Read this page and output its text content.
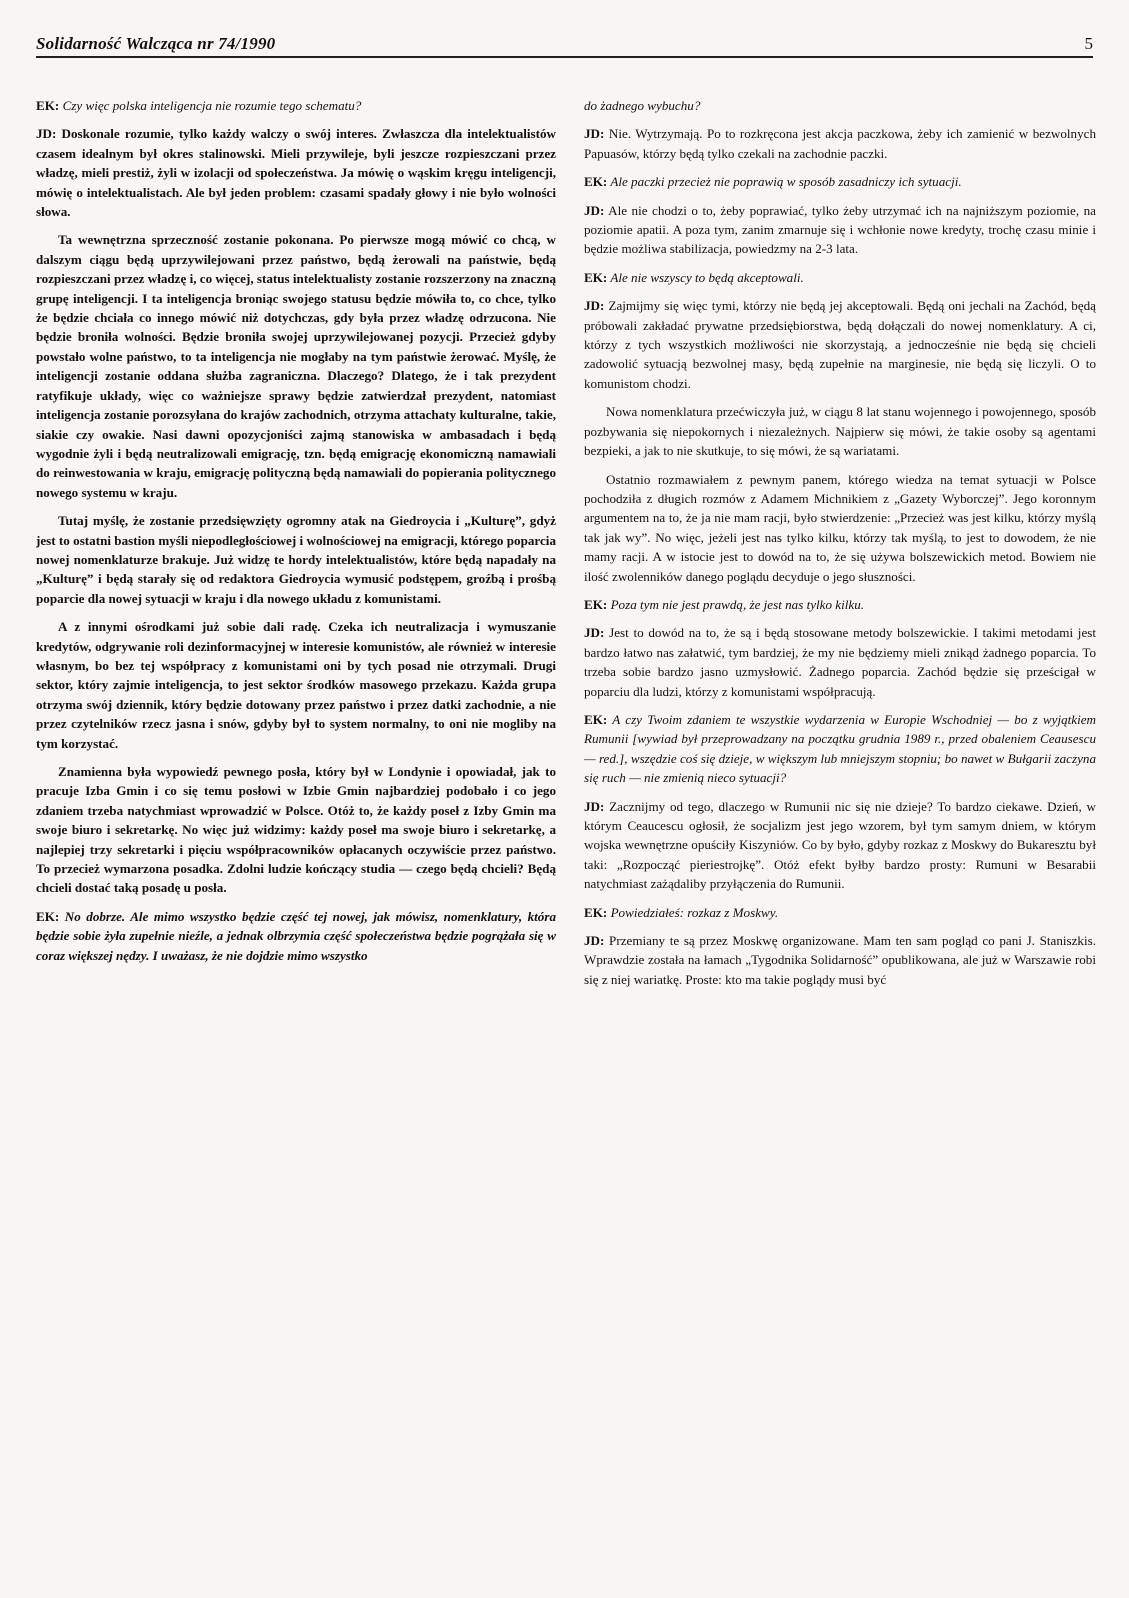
Solidarność Walcząca nr 74/1990	5

EK: Czy więc polska inteligencja nie rozumie tego schematu?

JD: Doskonale rozumie, tylko każdy walczy o swój interes. Zwłaszcza dla intelektualistów czasem idealnym był okres stalinowski. Mieli przywileje, byli jeszcze rozpieszczani przez władzę, mieli prestiż, żyli w izolacji od społeczeństwa. Ja mówię o wąskim kręgu inteligencji, mówię o intelektualistach. Ale był jeden problem: czasami spadały głowy i nie było wolności słowa.

Ta wewnętrzna sprzeczność zostanie pokonana. Po pierwsze mogą mówić co chcą, w dalszym ciągu będą uprzywilejowani przez państwo, będą żerowali na państwie, będą rozpieszczani przez władzę i, co więcej, status intelektualisty zostanie rozszerzony na znaczną grupę inteligencji. I ta inteligencja broniąc swojego statusu będzie mówiła to, co chce, tylko że będzie chciała co innego mówić niż dotychczas, gdy była przez władzę odrzucona. Nie będzie broniła wolności. Będzie broniła swojej uprzywilejowanej pozycji. Przecież gdyby powstało wolne państwo, to ta inteligencja nie mogłaby na tym państwie żerować. Myślę, że inteligencji zostanie oddana służba zagraniczna. Dlaczego? Dlatego, że i tak prezydent ratyfikuje układy, więc co ważniejsze sprawy będzie zatwierdzał prezydent, natomiast inteligencja zostanie porozsyłana do krajów zachodnich, otrzyma attachaty kulturalne, takie, siakie czy owakie. Nasi dawni opozycjoniści zajmą stanowiska w ambasadach i będą wygodnie żyli i będą neutralizowali emigrację, tzn. będą emigrację ekonomiczną namawiali do reinwestowania w kraju, emigrację polityczną będą namawiali do popierania politycznego nowego systemu w kraju.

Tutaj myślę, że zostanie przedsięwzięty ogromny atak na Giedroycia i „Kulturę”, gdyż jest to ostatni bastion myśli niepodległościowej i wolnościowej na emigracji, którego poparcia nowej nomenklaturze brakuje. Już widzę te hordy intelektualistów, które będą napadały na „Kulturę” i będą starały się od redaktora Giedroycia wymusić podstępem, groźbą i prośbą poparcie dla nowej sytuacji w kraju i dla nowego układu z komunistami.

A z innymi ośrodkami już sobie dali radę. Czeka ich neutralizacja i wymuszanie kredytów, odgrywanie roli dezinformacyjnej w interesie komunistów, ale również w interesie własnym, bo bez tej współpracy z komunistami oni by tych posad nie otrzymali. Drugi sektor, który zajmie inteligencja, to jest sektor środków masowego przekazu. Każda grupa otrzyma swój dziennik, który będzie dotowany przez państwo i przez datki zachodnie, a nie przez czytelników rzecz jasna i snów, gdyby był to system normalny, to oni nie mogliby na tym korzystać.

Znamienna była wypowiedź pewnego posła, który był w Londynie i opowiadał, jak to pracuje Izba Gmin i co się temu posłowi w Izbie Gmin najbardziej podobało i co jego zdaniem trzeba natychmiast wprowadzić w Polsce. Otóż to, że każdy poseł z Izby Gmin ma swoje biuro i sekretarkę. No więc już widzimy: każdy poseł ma swoje biuro i sekretarkę, a najlepiej trzy sekretarki i pięciu współpracowników opłacanych oczywiście przez państwo. To przecież wymarzona posadka. Zdolni ludzie kończący studia — czego będą chcieli? Będą chcieli dostać taką posadę u posła.

EK: No dobrze. Ale mimo wszystko będzie część tej nowej, jak mówisz, nomenklatury, która będzie sobie żyła zupełnie nieźle, a jednak olbrzymia część społeczeństwa będzie pogrążała się w coraz większej nędzy. I uważasz, że nie dojdzie mimo wszystko

do żadnego wybuchu?

JD: Nie. Wytrzymają. Po to rozkręcona jest akcja paczkowa, żeby ich zamienić w bezwolnych Papuasów, którzy będą tylko czekali na zachodnie paczki.

EK: Ale paczki przecież nie poprawią w sposób zasadniczy ich sytuacji.

JD: Ale nie chodzi o to, żeby poprawiać, tylko żeby utrzymać ich na najniższym poziomie, na poziomie apatii. A poza tym, zanim zmarnuje się i wchłonie nowe kredyty, trochę czasu minie i będzie możliwa stabilizacja, powiedzmy na 2-3 lata.

EK: Ale nie wszyscy to będą akceptowali.

JD: Zajmijmy się więc tymi, którzy nie będą jej akceptowali. Będą oni jechali na Zachód, będą próbowali zakładać prywatne przedsiębiorstwa, będą dołączali do nowej nomenklatury. A ci, którzy z tych wszystkich możliwości nie skorzystają, a jednocześnie nie będą się chcieli zadowolić sytuacją bezwolnej masy, będą zupełnie na marginesie, nie będą się liczyli. O to komunistom chodzi.

Nowa nomenklatura przećwiczyła już, w ciągu 8 lat stanu wojennego i powojennego, sposób pozbywania się niepokornych i niezależnych. Najpierw się mówi, że takie osoby są agentami bezpieki, a jak to nie skutkuje, to się mówi, że są wariatami.

Ostatnio rozmawiałem z pewnym panem, którego wiedza na temat sytuacji w Polsce pochodziła z długich rozmów z Adamem Michnikiem z „Gazety Wyborczej”. Jego koronnym argumentem na to, że ja nie mam racji, było stwierdzenie: „Przecież was jest kilku, którzy myślą tak jak wy”. No więc, jeżeli jest nas tylko kilku, którzy tak myślą, to jest to dowodem, że nie mamy racji. A w istocie jest to dowód na to, że się używa bolszewickich metod. Bowiem nie ilość zwolenników danego poglądu decyduje o jego słuszności.

EK: Poza tym nie jest prawdą, że jest nas tylko kilku.

JD: Jest to dowód na to, że są i będą stosowane metody bolszewickie. I takimi metodami jest bardzo łatwo nas załatwić, tym bardziej, że my nie będziemy mieli znikąd żadnego poparcia. To trzeba sobie bardzo jasno uzmysłowić. Żadnego poparcia. Zachód będzie się prześcigał w poparciu dla ludzi, którzy z komunistami współpracują.

EK: A czy Twoim zdaniem te wszystkie wydarzenia w Europie Wschodniej — bo z wyjątkiem Rumunii [wywiad był przeprowadzany na początku grudnia 1989 r., przed obaleniem Ceausescu — red.], wszędzie coś się dzieje, w większym lub mniejszym stopniu; bo nawet w Bułgarii zaczyna się ruch — nie zmienią nieco sytuacji?

JD: Zacznijmy od tego, dlaczego w Rumunii nic się nie dzieje? To bardzo ciekawe. Dzień, w którym Ceaucescu ogłosił, że socjalizm jest jego wzorem, był tym samym dniem, w którym wojska wewnętrzne opuściły Kiszyniów. Co by było, gdyby rozkaz z Moskwy do Bukaresztu był taki: „Rozpocząć pieriestrojkę”. Otóż efekt byłby bardzo prosty: Rumuni w Besarabii natychmiast zażądaliby przyłączenia do Rumunii.

EK: Powiedziałeś: rozkaz z Moskwy.

JD: Przemiany te są przez Moskwę organizowane. Mam ten sam pogląd co pani J. Staniszkis. Wprawdzie została na łamach „Tygodnika Solidarność” opublikowana, ale już w Warszawie robi się z niej wariatkę. Proste: kto ma takie poglądy musi być
